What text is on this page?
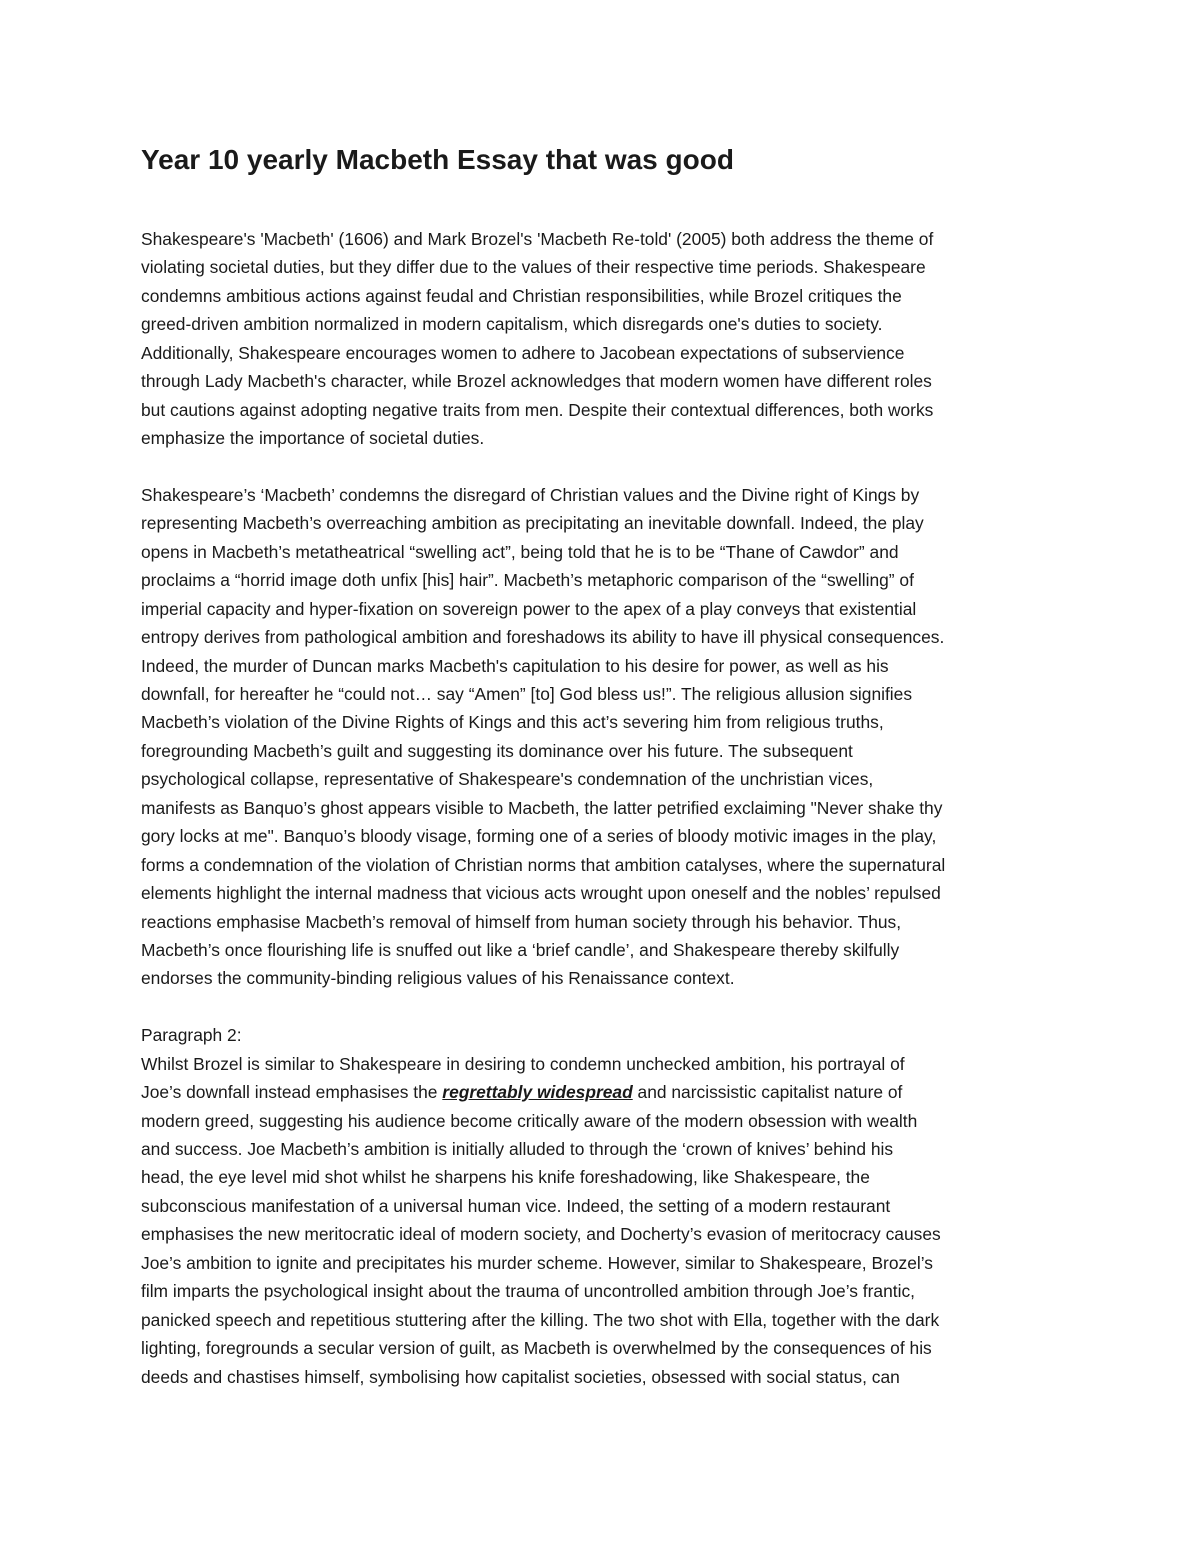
Year 10 yearly Macbeth Essay that was good
Shakespeare's 'Macbeth' (1606) and Mark Brozel's 'Macbeth Re-told' (2005) both address the theme of
violating societal duties, but they differ due to the values of their respective time periods. Shakespeare
condemns ambitious actions against feudal and Christian responsibilities, while Brozel critiques the
greed-driven ambition normalized in modern capitalism, which disregards one's duties to society.
Additionally, Shakespeare encourages women to adhere to Jacobean expectations of subservience
through Lady Macbeth's character, while Brozel acknowledges that modern women have different roles
but cautions against adopting negative traits from men. Despite their contextual differences, both works
emphasize the importance of societal duties.
Shakespeare’s ‘Macbeth’ condemns the disregard of Christian values and the Divine right of Kings by
representing Macbeth’s overreaching ambition as precipitating an inevitable downfall. Indeed, the play
opens in Macbeth’s metatheatrical “swelling act”, being told that he is to be “Thane of Cawdor” and
proclaims a “horrid image doth unfix [his] hair”. Macbeth’s metaphoric comparison of the “swelling” of
imperial capacity and hyper-fixation on sovereign power to the apex of a play conveys that existential
entropy derives from pathological ambition and foreshadows its ability to have ill physical consequences.
Indeed, the murder of Duncan marks Macbeth's capitulation to his desire for power, as well as his
downfall, for hereafter he “could not… say “Amen” [to] God bless us!”. The religious allusion signifies
Macbeth’s violation of the Divine Rights of Kings and this act’s severing him from religious truths,
foregrounding Macbeth’s guilt and suggesting its dominance over his future. The subsequent
psychological collapse, representative of Shakespeare's condemnation of the unchristian vices,
manifests as Banquo’s ghost appears visible to Macbeth, the latter petrified exclaiming "Never shake thy
gory locks at me". Banquo’s bloody visage, forming one of a series of bloody motivic images in the play,
forms a condemnation of the violation of Christian norms that ambition catalyses, where the supernatural
elements highlight the internal madness that vicious acts wrought upon oneself and the nobles’ repulsed
reactions emphasise Macbeth’s removal of himself from human society through his behavior. Thus,
Macbeth’s once flourishing life is snuffed out like a ‘brief candle’, and Shakespeare thereby skilfully
endorses the community-binding religious values of his Renaissance context.
Paragraph 2:
Whilst Brozel is similar to Shakespeare in desiring to condemn unchecked ambition, his portrayal of
Joe’s downfall instead emphasises the regrettably widespread and narcissistic capitalist nature of
modern greed, suggesting his audience become critically aware of the modern obsession with wealth
and success. Joe Macbeth’s ambition is initially alluded to through the ‘crown of knives’ behind his
head, the eye level mid shot whilst he sharpens his knife foreshadowing, like Shakespeare, the
subconscious manifestation of a universal human vice. Indeed, the setting of a modern restaurant
emphasises the new meritocratic ideal of modern society, and Docherty’s evasion of meritocracy causes
Joe’s ambition to ignite and precipitates his murder scheme. However, similar to Shakespeare, Brozel’s
film imparts the psychological insight about the trauma of uncontrolled ambition through Joe’s frantic,
panicked speech and repetitious stuttering after the killing. The two shot with Ella, together with the dark
lighting, foregrounds a secular version of guilt, as Macbeth is overwhelmed by the consequences of his
deeds and chastises himself, symbolising how capitalist societies, obsessed with social status, can
